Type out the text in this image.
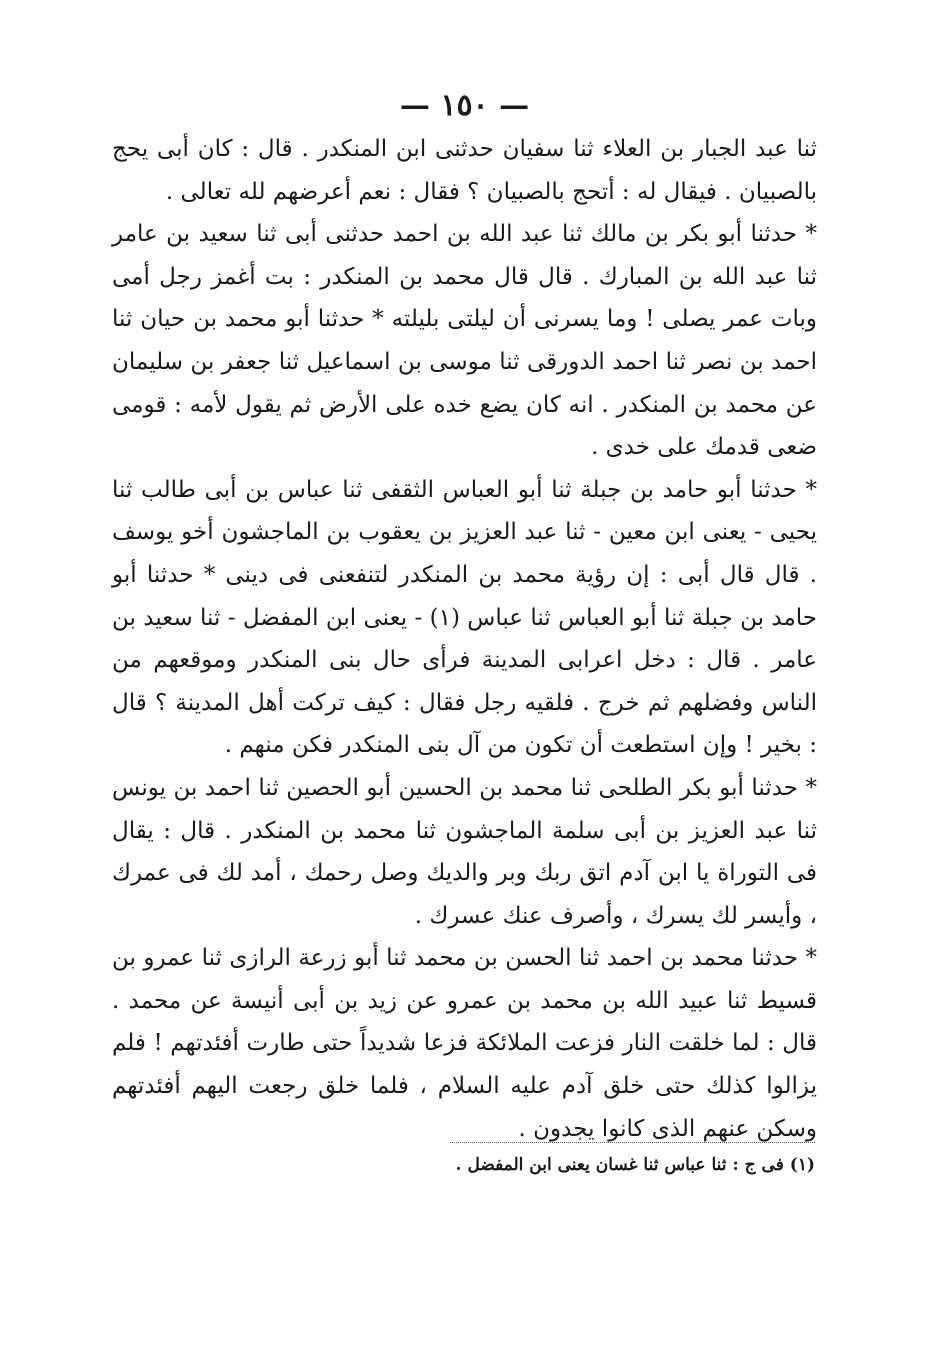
— ١٥٠ —

ثنا عبد الجبار بن العلاء ثنا سفيان حدثنى ابن المنكدر . قال : كان أبى يحج بالصبيان . فيقال له : أتحج بالصبيان ؟ فقال : نعم أعرضهم لله تعالى .

* حدثنا أبو بكر بن مالك ثنا عبد الله بن احمد حدثنى أبى ثنا سعيد بن عامر ثنا عبد الله بن المبارك . قال قال محمد بن المنكدر : بت أغمز رجل أمى وبات عمر يصلى ! وما يسرنى أن ليلتى بليلته * حدثنا أبو محمد بن حيان ثنا احمد بن نصر ثنا احمد الدورقى ثنا موسى بن اسماعيل ثنا جعفر بن سليمان عن محمد بن المنكدر . انه كان يضع خده على الأرض ثم يقول لأمه : قومى ضعى قدمك على خدى .

* حدثنا أبو حامد بن جبلة ثنا أبو العباس الثقفى ثنا عباس بن أبى طالب ثنا يحيى - يعنى ابن معين - ثنا عبد العزيز بن يعقوب بن الماجشون أخو يوسف . قال قال أبى : إن رؤية محمد بن المنكدر لتنفعنى فى دينى * حدثنا أبو حامد بن جبلة ثنا أبو العباس ثنا عباس (١) - يعنى ابن المفضل - ثنا سعيد بن عامر . قال : دخل اعرابى المدينة فرأى حال بنى المنكدر وموقعهم من الناس وفضلهم ثم خرج . فلقيه رجل فقال : كيف تركت أهل المدينة ؟ قال : بخير ! وإن استطعت أن تكون من آل بنى المنكدر فكن منهم .

* حدثنا أبو بكر الطلحى ثنا محمد بن الحسين أبو الحصين ثنا احمد بن يونس ثنا عبد العزيز بن أبى سلمة الماجشون ثنا محمد بن المنكدر . قال : يقال فى التوراة يا ابن آدم اتق ربك وبر والديك وصل رحمك ، أمد لك فى عمرك ، وأيسر لك يسرك ، وأصرف عنك عسرك .

* حدثنا محمد بن احمد ثنا الحسن بن محمد ثنا أبو زرعة الرازى ثنا عمرو بن قسيط ثنا عبيد الله بن محمد بن عمرو عن زيد بن أبى أنيسة عن محمد . قال : لما خلقت النار فزعت الملائكة فزعا شديداً حتى طارت أفئدتهم ! فلم يزالوا كذلك حتى خلق آدم عليه السلام ، فلما خلق رجعت اليهم أفئدتهم وسكن عنهم الذى كانوا يجدون .

(١) فى ج : ثنا عباس ثنا غسان يعنى ابن المفضل .
